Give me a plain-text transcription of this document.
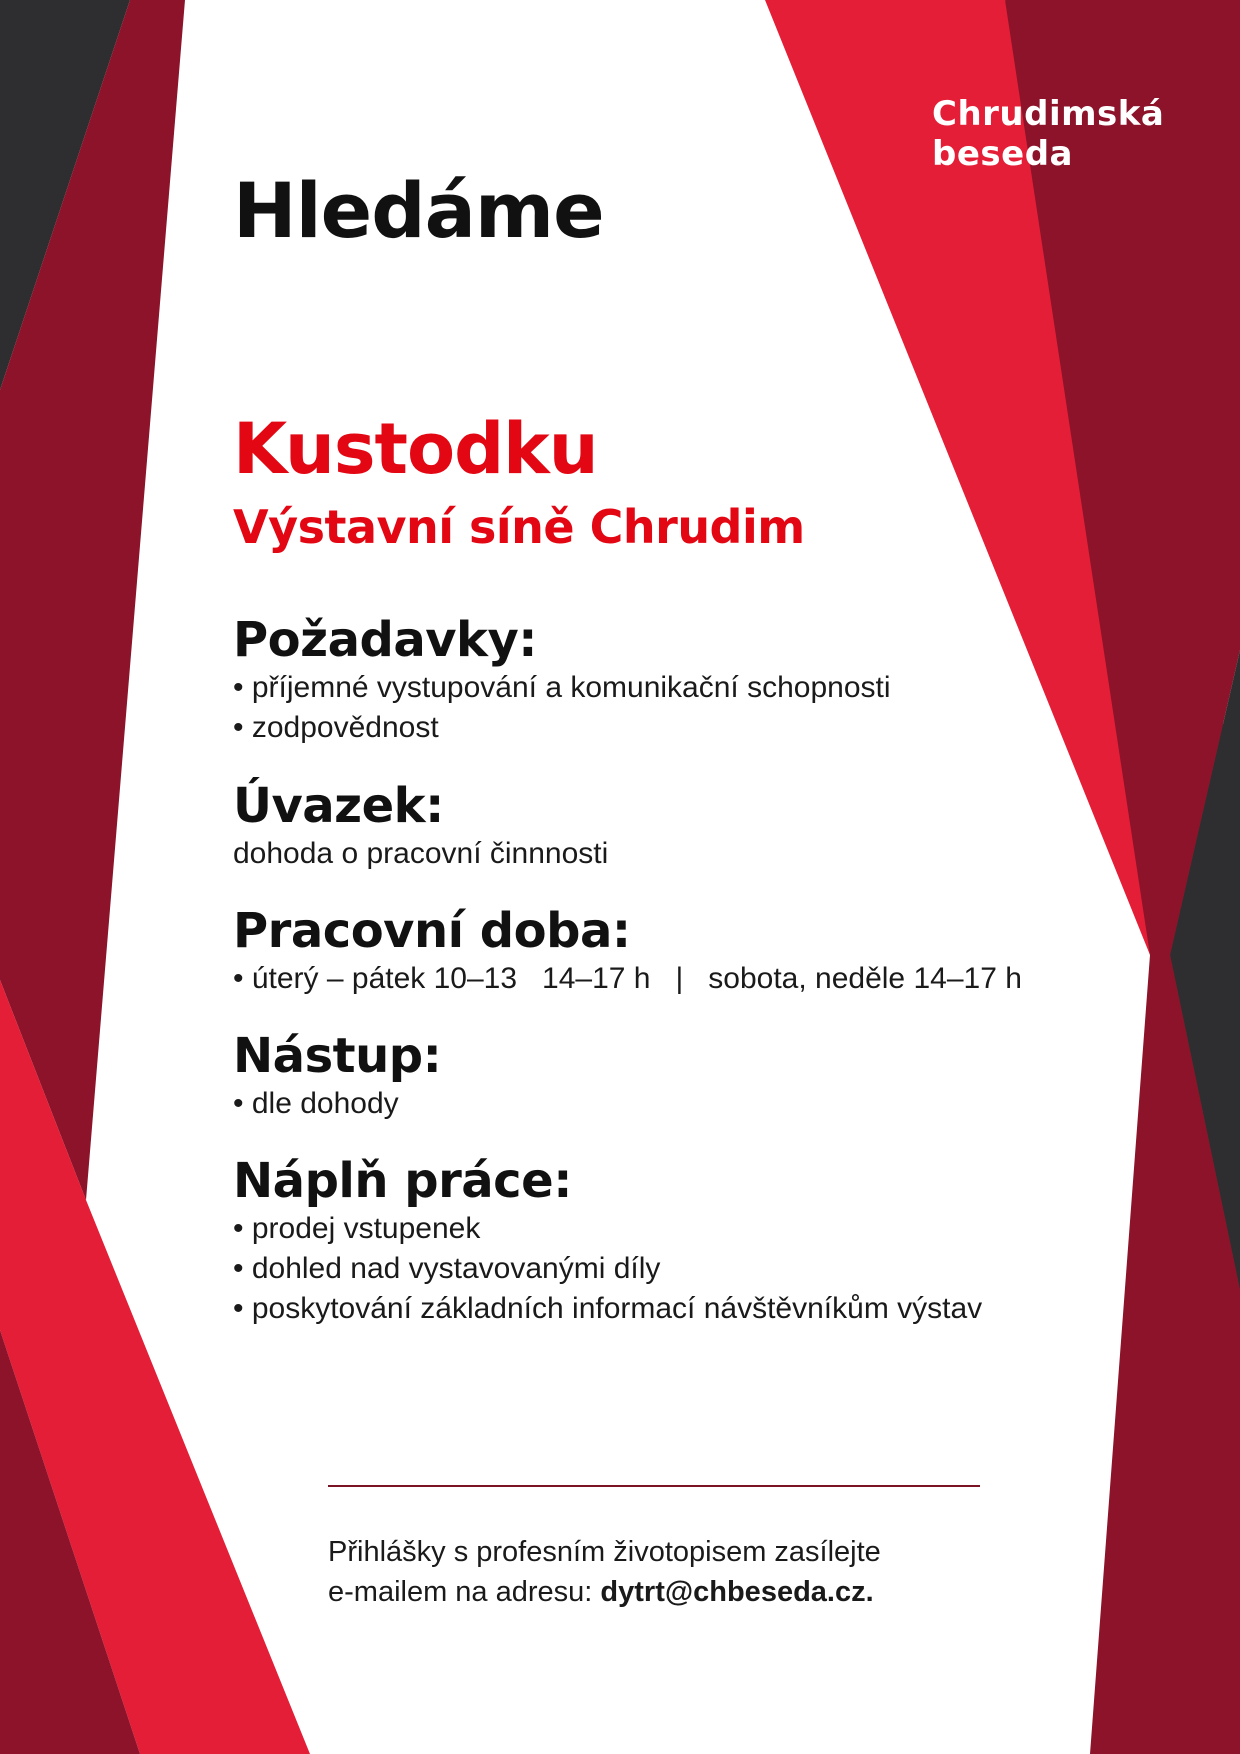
Chrudimská
beseda
Hledáme
Kustodku
Výstavní síně Chrudim
Požadavky:
• příjemné vystupování a komunikační schopnosti
• zodpovědnost
Úvazek:
dohoda o pracovní činnnosti
Pracovní doba:
• úterý – pátek 10–13   14–17 h   |   sobota, neděle 14–17 h
Nástup:
• dle dohody
Náplň práce:
• prodej vstupenek
• dohled nad vystavovanými díly
• poskytování základních informací návštěvníkům výstav
Přihlášky s profesním životopisem zasílejte
e-mailem na adresu: dytrt@chbeseda.cz.
